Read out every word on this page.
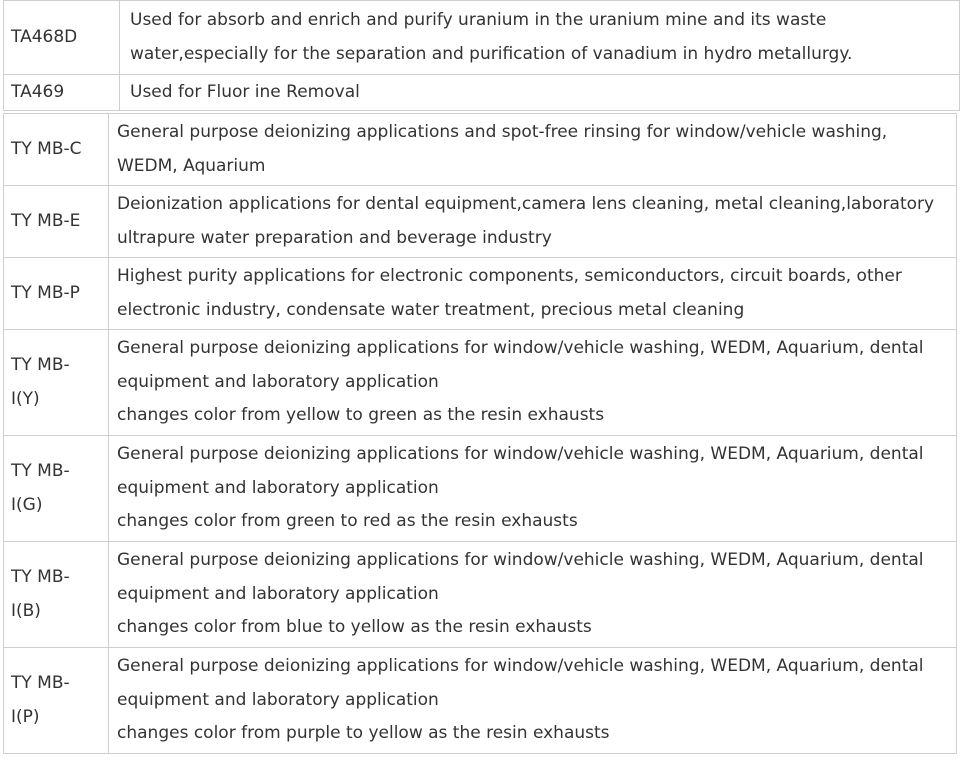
TA468D	Used for absorb and enrich and purify uranium in the uranium mine and its waste
water,especially for the separation and purification of vanadium in hydro metallurgy.

TA469	Used for Fluor ine Removal
TY MB-C	General purpose deionizing applications and spot-free rinsing for window/vehicle washing,
WEDM, Aquarium

TY MB-E	Deionization applications for dental equipment,camera lens cleaning, metal cleaning,laboratory
ultrapure water preparation and beverage industry

TY MB-P	Highest purity applications for electronic components, semiconductors, circuit boards, other
electronic industry, condensate water treatment, precious metal cleaning

TY MB-
I(Y)	General purpose deionizing applications for window/vehicle washing, WEDM, Aquarium, dental
equipment and laboratory application
changes color from yellow to green as the resin exhausts

TY MB-
I(G)	General purpose deionizing applications for window/vehicle washing, WEDM, Aquarium, dental
equipment and laboratory application
changes color from green to red as the resin exhausts

TY MB-
I(B)	General purpose deionizing applications for window/vehicle washing, WEDM, Aquarium, dental
equipment and laboratory application
changes color from blue to yellow as the resin exhausts

TY MB-
I(P)	General purpose deionizing applications for window/vehicle washing, WEDM, Aquarium, dental
equipment and laboratory application
changes color from purple to yellow as the resin exhausts
